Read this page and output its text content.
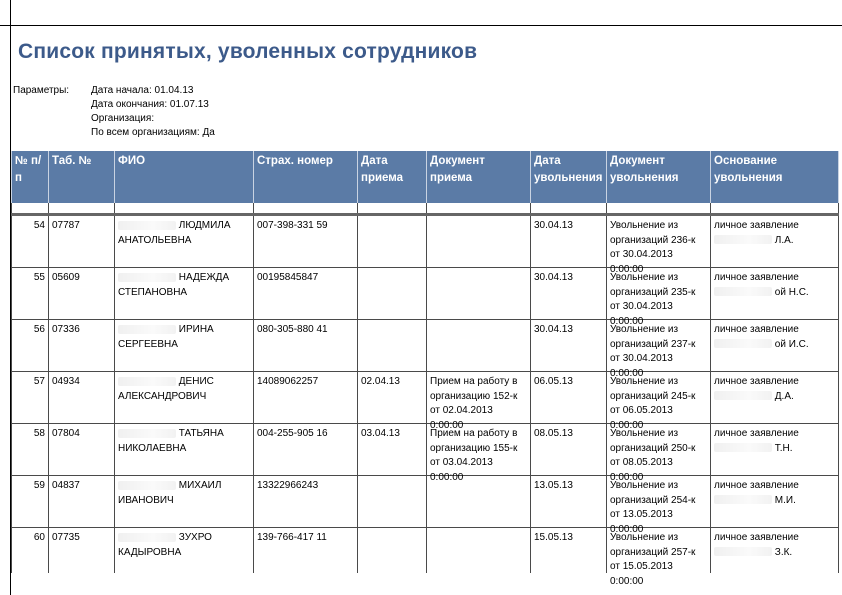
Список принятых, уволенных сотрудников
Параметры: Дата начала: 01.04.13
Дата окончания: 01.07.13
Организация:
По всем организациям: Да
№ п/п	Таб. №	ФИО	Страх. номер	Дата приема	Документ приема	Дата увольнения	Документ увольнения	Основание увольнения

54	07787	ЛЮДМИЛА АНАТОЛЬЕВНА	007-398-331 59			30.04.13	Увольнение из организаций 236-к от 30.04.2013 0:00:00	личное заявление
Л.А.
55	05609	НАДЕЖДА СТЕПАНОВНА	00195845847			30.04.13	Увольнение из организаций 235-к от 30.04.2013 0:00:00	личное заявление
ой Н.С.
56	07336	ИРИНА СЕРГЕЕВНА	080-305-880 41			30.04.13	Увольнение из организаций 237-к от 30.04.2013 0:00:00	личное заявление
ой И.С.
57	04934	ДЕНИС АЛЕКСАНДРОВИЧ	14089062257	02.04.13	Прием на работу в организацию 152-к от 02.04.2013 0:00:00	06.05.13	Увольнение из организаций 245-к от 06.05.2013 0:00:00	личное заявление
Д.А.
58	07804	ТАТЬЯНА НИКОЛАЕВНА	004-255-905 16	03.04.13	Прием на работу в организацию 155-к от 03.04.2013 0:00:00	08.05.13	Увольнение из организаций 250-к от 08.05.2013 0:00:00	личное заявление
Т.Н.
59	04837	МИХАИЛ ИВАНОВИЧ	13322966243			13.05.13	Увольнение из организаций 254-к от 13.05.2013 0:00:00	личное заявление
М.И.
60	07735	ЗУХРО КАДЫРОВНА	139-766-417 11			15.05.13	Увольнение из организаций 257-к от 15.05.2013 0:00:00	личное заявление
З.К.
